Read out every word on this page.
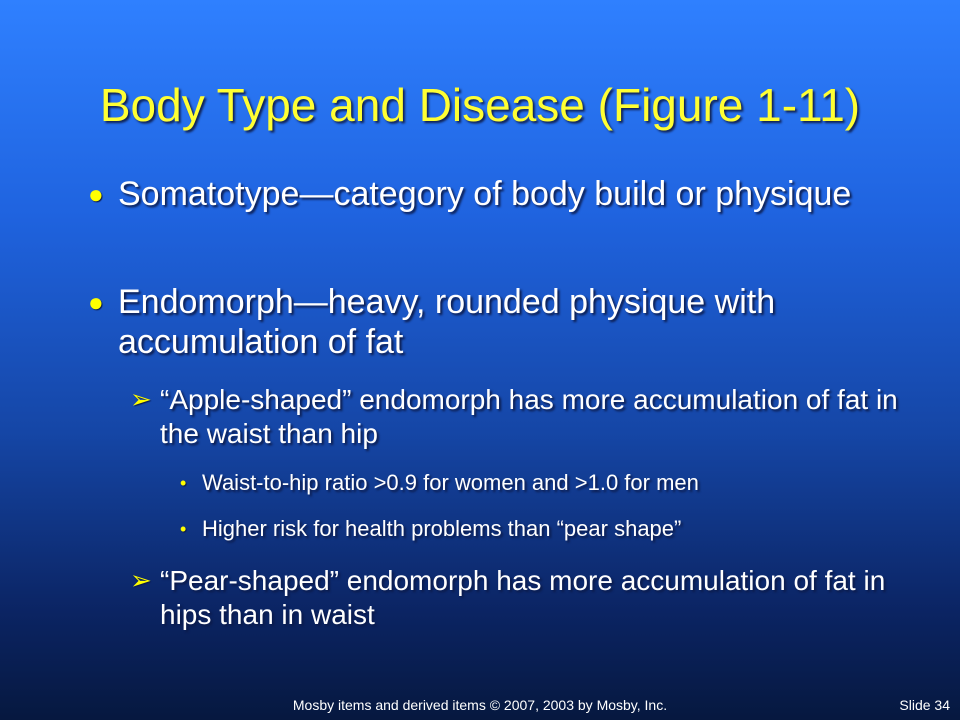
Body Type and Disease (Figure 1-11)
● Somatotype—category of body build or physique
● Endomorph—heavy, rounded physique with accumulation of fat
➢ “Apple-shaped” endomorph has more accumulation of fat in the waist than hip
• Waist-to-hip ratio >0.9 for women and >1.0 for men
• Higher risk for health problems than “pear shape”
➢ “Pear-shaped” endomorph has more accumulation of fat in hips than in waist
Mosby items and derived items © 2007, 2003 by Mosby, Inc.	Slide 34
